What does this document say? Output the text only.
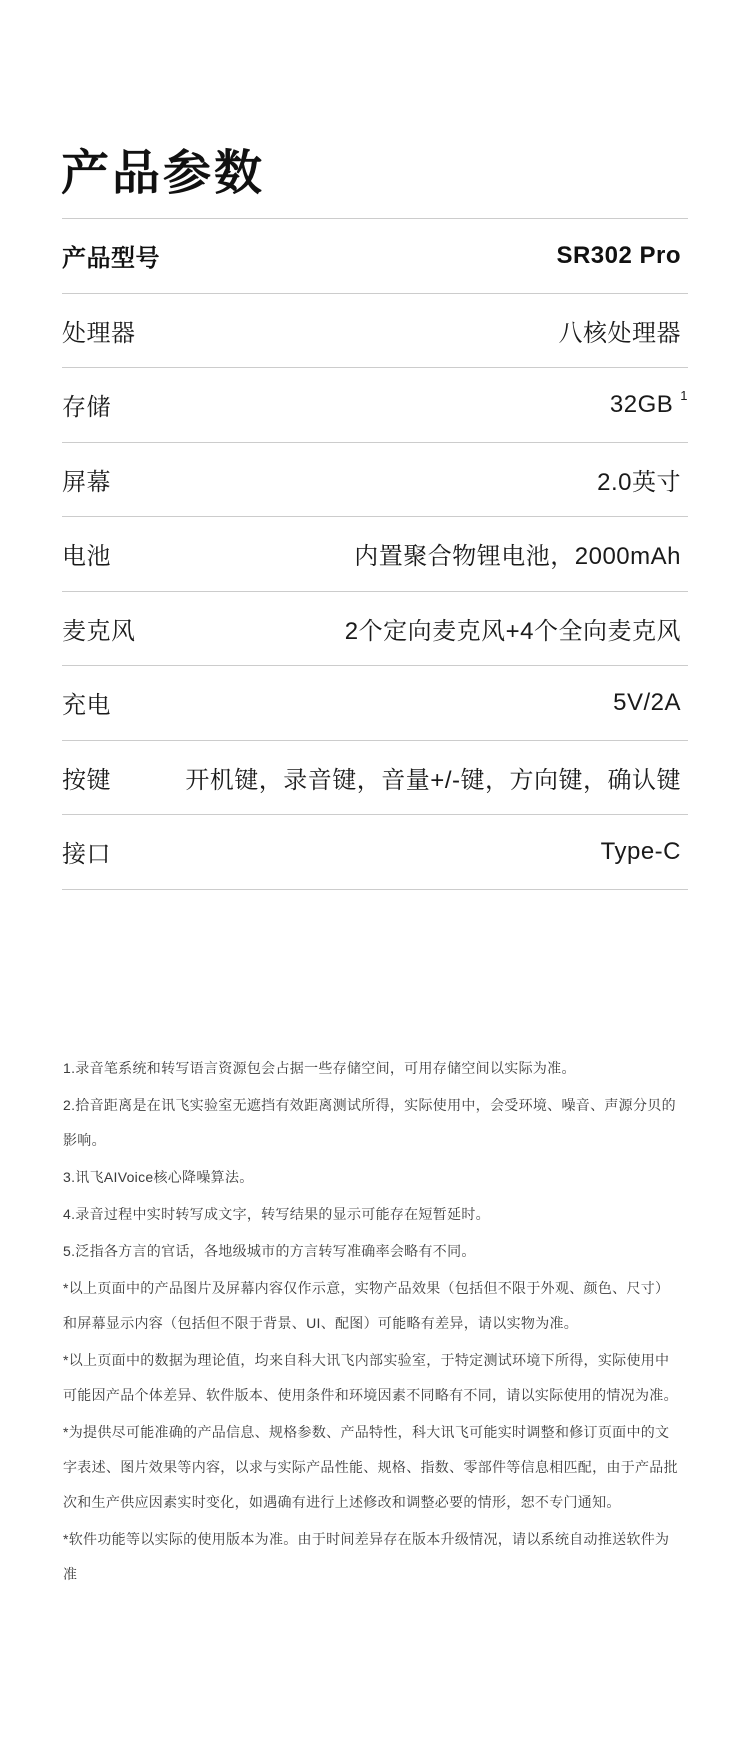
产品参数
产品型号	SR302 Pro
处理器	八核处理器
存储	32GB $^1$
屏幕	2.0英寸
电池	内置聚合物锂电池，2000mAh
麦克风	2个定向麦克风+4个全向麦克风
充电	5V/2A
按键	开机键，录音键，音量+/-键，方向键，确认键
接口	Type-C

1.录音笔系统和转写语言资源包会占据一些存储空间，可用存储空间以实际为准。

2.拾音距离是在讯飞实验室无遮挡有效距离测试所得，实际使用中，会受环境、噪音、声源分贝的影响。

3.讯飞AIVoice核心降噪算法。

4.录音过程中实时转写成文字，转写结果的显示可能存在短暂延时。

5.泛指各方言的官话，各地级城市的方言转写准确率会略有不同。

*以上页面中的产品图片及屏幕内容仅作示意，实物产品效果（包括但不限于外观、颜色、尺寸）和屏幕显示内容（包括但不限于背景、UI、配图）可能略有差异，请以实物为准。

*以上页面中的数据为理论值，均来自科大讯飞内部实验室，于特定测试环境下所得，实际使用中可能因产品个体差异、软件版本、使用条件和环境因素不同略有不同，请以实际使用的情况为准。

*为提供尽可能准确的产品信息、规格参数、产品特性，科大讯飞可能实时调整和修订页面中的文字表述、图片效果等内容，以求与实际产品性能、规格、指数、零部件等信息相匹配，由于产品批次和生产供应因素实时变化，如遇确有进行上述修改和调整必要的情形，恕不专门通知。

*软件功能等以实际的使用版本为准。由于时间差异存在版本升级情况，请以系统自动推送软件为准
